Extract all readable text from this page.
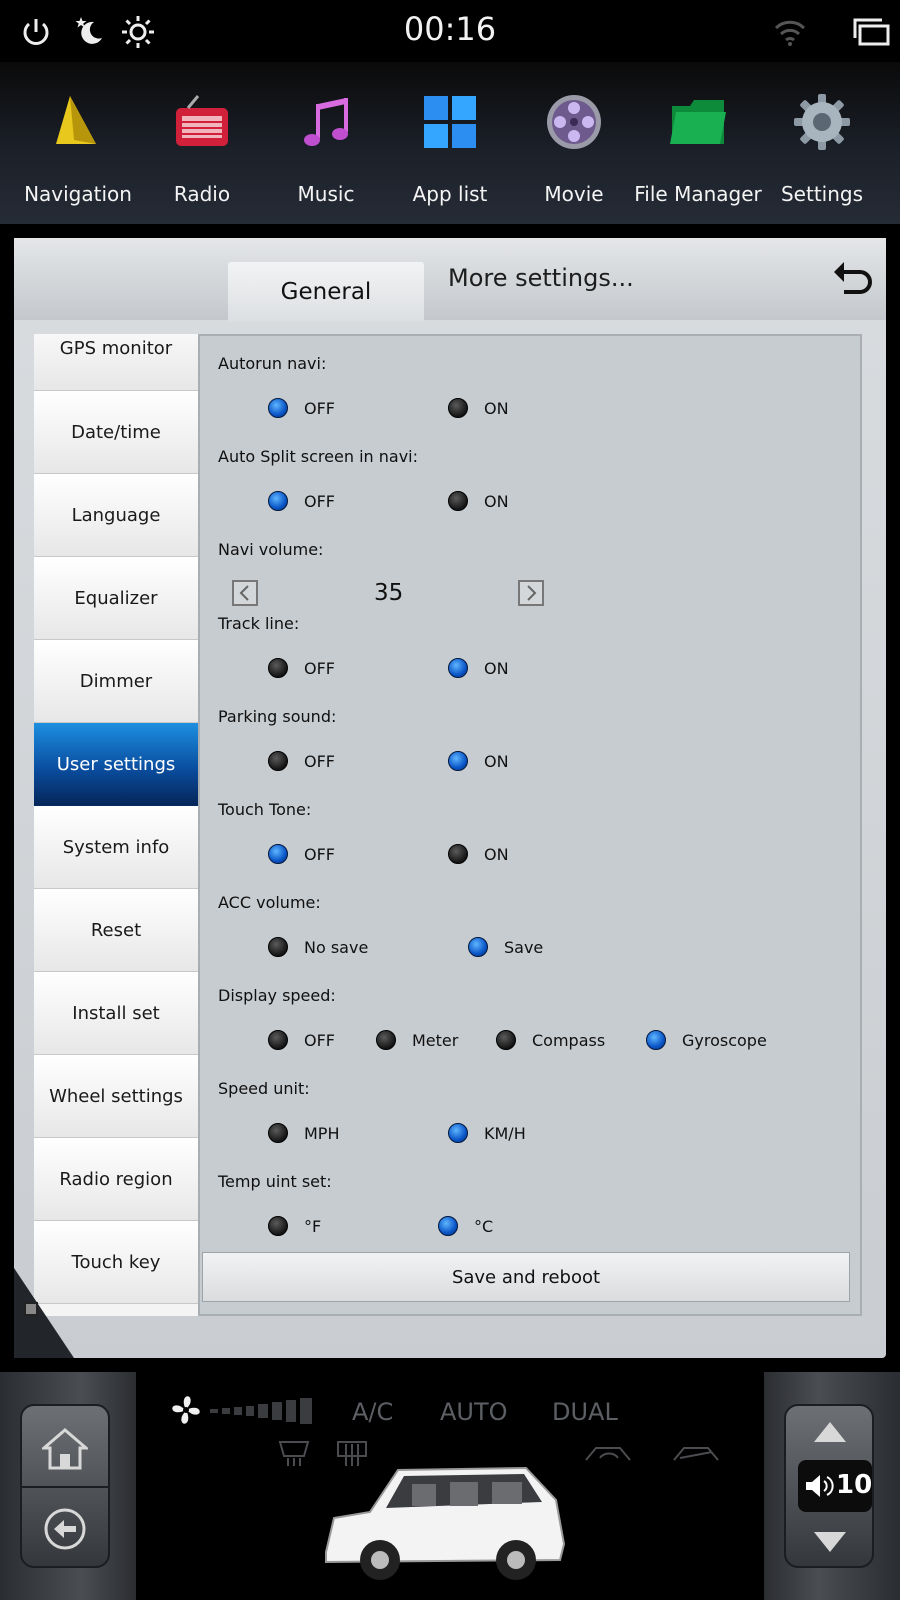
00:16
Navigation	Radio	Music	App list	Movie	File Manager Settings
General	More settings...
GPS monitor
Date/time
Language
Equalizer
Dimmer
User settings
System info
Reset
Install set
Wheel settings
Radio region
Touch key
Autorun navi:
OFF	ON
Auto Split screen in navi:
OFF	ON
Navi volume:
35
Track line:
OFF	ON
Parking sound:
OFF	ON
Touch Tone:
OFF	ON
ACC volume:
No save	Save
Display speed:
OFF	Meter	Compass	Gyroscope
Speed unit:
MPH	KM/H
Temp uint set:
°F	°C
Save and reboot
A/C AUTO DUAL
10
